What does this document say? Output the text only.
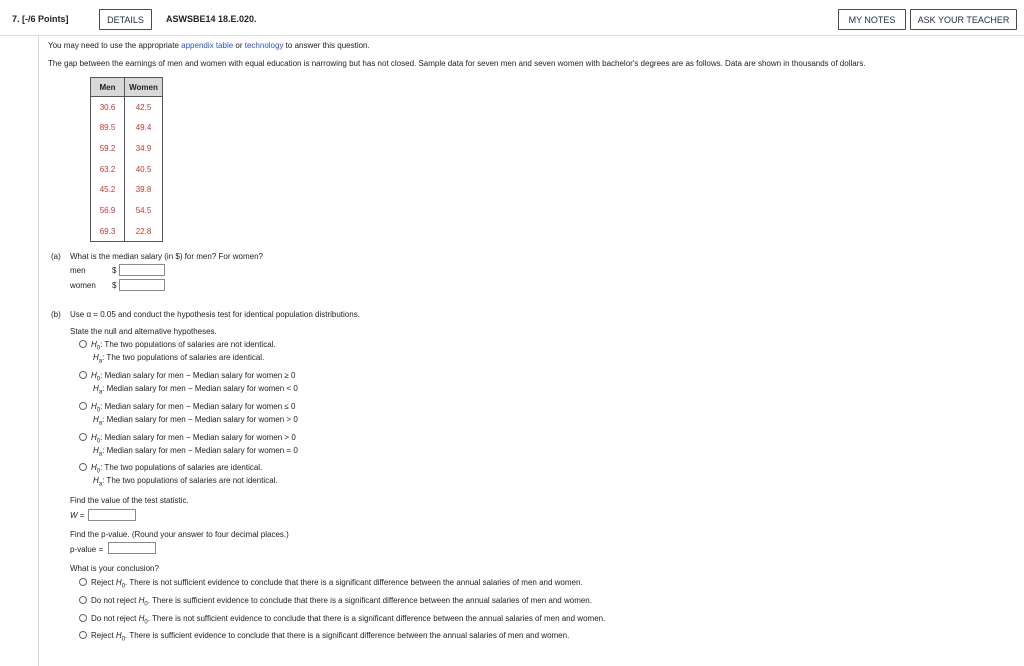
7. [-/6 Points]	DETAILS	ASWSBE14 18.E.020.	MY NOTES	ASK YOUR TEACHER
You may need to use the appropriate appendix table or technology to answer this question.
The gap between the earnings of men and women with equal education is narrowing but has not closed. Sample data for seven men and seven women with bachelor's degrees are as follows. Data are shown in thousands of dollars.
Men	Women
30.6	42.5
89.5	49.4
59.2	34.9
63.2	40.5
45.2	39.8
56.9	54.5
69.3	22.8
(a) What is the median salary (in $) for men? For women?
men	$
women $
(b) Use α = 0.05 and conduct the hypothesis test for identical population distributions.
State the null and alternative hypotheses.
$H_0$: The two populations of salaries are not identical.
$H_a$: The two populations of salaries are identical.
$H_0$: Median salary for men − Median salary for women ≥ 0
$H_a$: Median salary for men − Median salary for women < 0
$H_0$: Median salary for men − Median salary for women ≤ 0
$H_a$: Median salary for men − Median salary for women > 0
$H_0$: Median salary for men − Median salary for women > 0
$H_a$: Median salary for men − Median salary for women = 0
$H_0$: The two populations of salaries are identical.
$H_a$: The two populations of salaries are not identical.
Find the value of the test statistic.
W =
Find the p-value. (Round your answer to four decimal places.)
p-value =
What is your conclusion?
Reject $H_0$. There is not sufficient evidence to conclude that there is a significant difference between the annual salaries of men and women.
Do not reject $H_0$. There is sufficient evidence to conclude that there is a significant difference between the annual salaries of men and women.
Do not reject $H_0$. There is not sufficient evidence to conclude that there is a significant difference between the annual salaries of men and women.
Reject $H_0$. There is sufficient evidence to conclude that there is a significant difference between the annual salaries of men and women.
